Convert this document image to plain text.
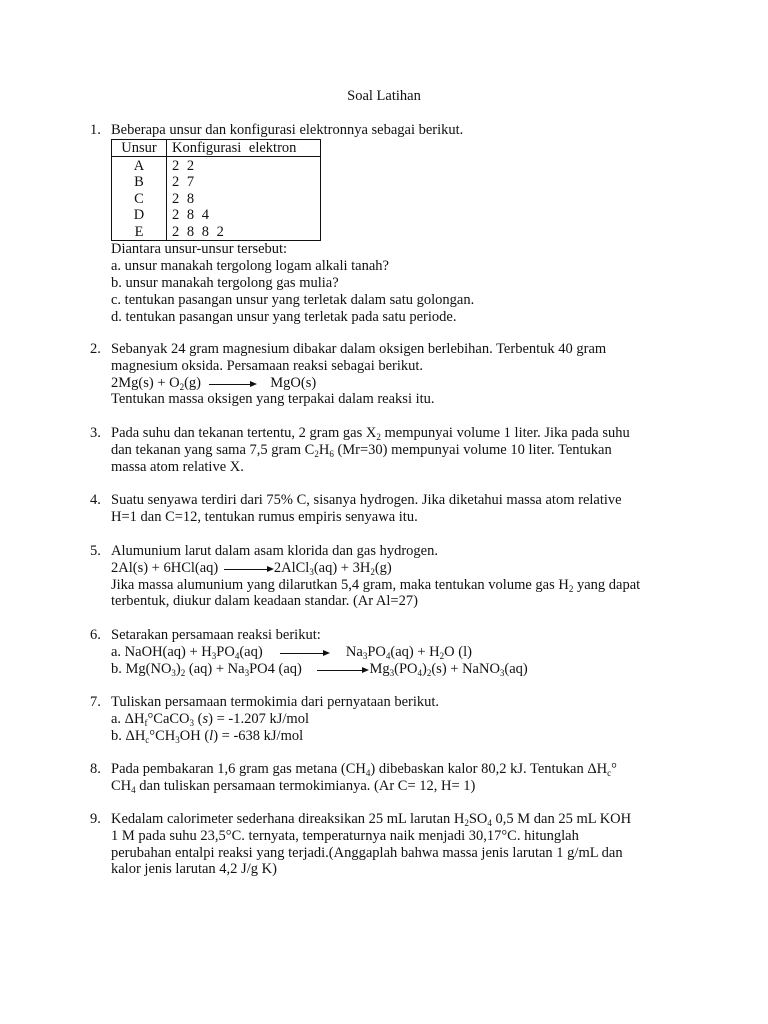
Soal Latihan
1. Beberapa unsur dan konfigurasi elektronnya sebagai berikut.
Unsur	Konfigurasi elektron
A	2 2
B	2 7
C	2 8
D	2 8 4
E	2 8 8 2
Diantara unsur-unsur tersebut:
a. unsur manakah tergolong logam alkali tanah?
b. unsur manakah tergolong gas mulia?
c. tentukan pasangan unsur yang terletak dalam satu golongan.
d. tentukan pasangan unsur yang terletak pada satu periode.
2. Sebanyak 24 gram magnesium dibakar dalam oksigen berlebihan. Terbentuk 40 gram
magnesium oksida. Persamaan reaksi sebagai berikut.
$2Mg(s) + O_2(g)$	MgO(s)
Tentukan massa oksigen yang terpakai dalam reaksi itu.
3. Pada suhu dan tekanan tertentu, 2 gram gas $X_2$ mempunyai volume 1 liter. Jika pada suhu
dan tekanan yang sama 7,5 gram $C_2H_6$ (Mr=30) mempunyai volume 10 liter. Tentukan
massa atom relative X.
4. Suatu senyawa terdiri dari 75% C, sisanya hydrogen. Jika diketahui massa atom relative
H=1 dan C=12, tentukan rumus empiris senyawa itu.
5. Alumunium larut dalam asam klorida dan gas hydrogen.
2Al(s) + 6HCl(aq)	2AlCl$_3$(aq) + $3H_2(g)$
Jika massa alumunium yang dilarutkan 5,4 gram, maka tentukan volume gas $H_2$ yang dapat
terbentuk, diukur dalam keadaan standar. (Ar Al=27)
6. Setarakan persamaan reaksi berikut:
a. NaOH(aq) + $H_3PO_4(aq)$	$Na_3PO_4(aq) + H_2O$ (l)
b. $Mg(NO_3)_2$ $(aq) + Na_3PO4$ (aq)	$Mg_3(PO_4)_2(s)$ + NaNO$_3$(aq)
7. Tuliskan persamaan termokimia dari pernyataan berikut.
a. $\Delta H_f^\circ CaCO_3$ (s) = -1.207 kJ/mol
b. $\Delta H_c^\circ CH_3OH$ (l) = -638 kJ/mol
8. Pada pembakaran 1,6 gram gas metana $(CH_4)$ dibebaskan kalor 80,2 kJ. Tentukan $\Delta H_c^\circ$
$CH_4$ dan tuliskan persamaan termokimianya. (Ar C= 12, H= 1)
9. Kedalam calorimeter sederhana direaksikan 25 mL larutan $H_2SO_4$ 0,5 M dan 25 mL KOH
1 M pada suhu 23,5°C. ternyata, temperaturnya naik menjadi 30,17°C. hitunglah
perubahan entalpi reaksi yang terjadi.(Anggaplah bahwa massa jenis larutan 1 g/mL dan
kalor jenis larutan 4,2 J/g K)
